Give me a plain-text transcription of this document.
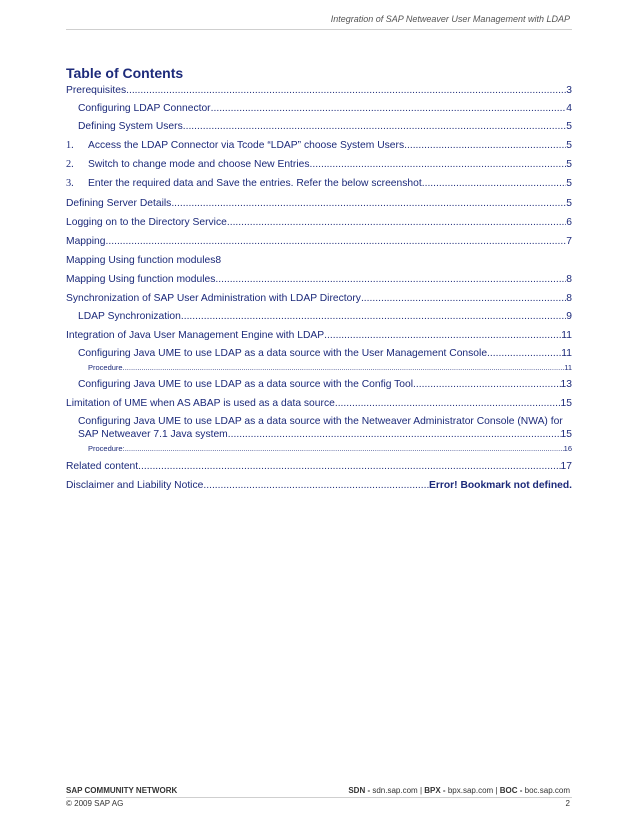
Integration of SAP Netweaver User Management with LDAP
Table of Contents
Prerequisites .....	3
Configuring LDAP Connector .....	4
Defining System Users .....	5
1. Access the LDAP Connector via Tcode “LDAP” choose System Users .....	5
2. Switch to change mode and choose New Entries .....	5
3. Enter the required data and Save the entries. Refer the below screenshot. .....	5
Defining Server Details .....	5
Logging on to the Directory Service .....	6
Mapping .....	7
Mapping Using function modules8
Mapping Using function modules .....	8
Synchronization of SAP User Administration with LDAP Directory .....	8
LDAP Synchronization .....	9
Integration of Java User Management Engine with LDAP .....	11
Configuring Java UME to use LDAP as a data source with the User Management Console .....	11
Procedure .....	11
Configuring Java UME to use LDAP as a data source with the Config Tool .....	13
Limitation of UME when AS ABAP is used as a data source .....	15
Configuring Java UME to use LDAP as a data source with the Netweaver Administrator Console (NWA) for
SAP Netweaver 7.1 Java system .....	15
Procedure: .....	16
Related content .....	17
Disclaimer and Liability Notice .....	Error! Bookmark not defined.
SAP COMMUNITY NETWORK	SDN - sdn.sap.com | BPX - bpx.sap.com | BOC - boc.sap.com
© 2009 SAP AG	2
